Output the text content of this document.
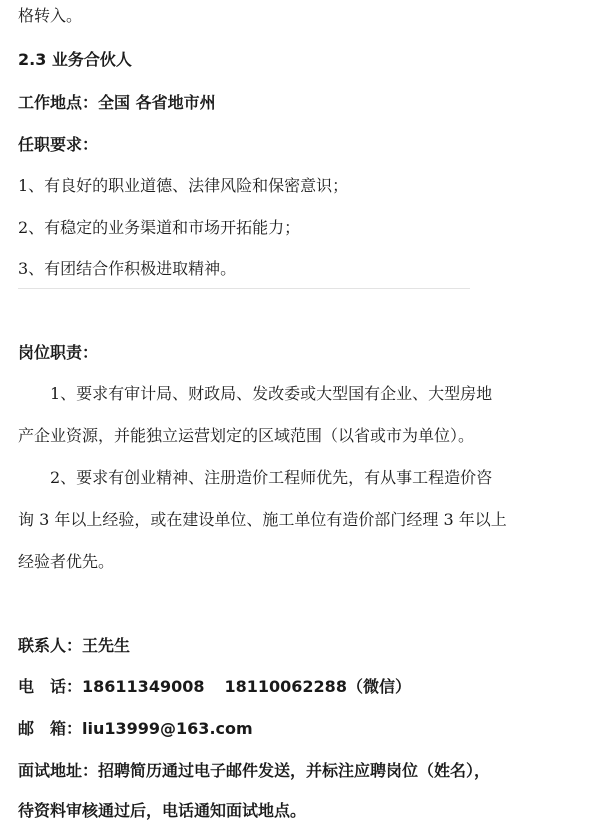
格转入。
2.3 业务合伙人
工作地点：全国 各省地市州
任职要求：
1、有良好的职业道德、法律风险和保密意识；
2、有稳定的业务渠道和市场开拓能力；
3、有团结合作积极进取精神。
岗位职责：
1、要求有审计局、财政局、发改委或大型国有企业、大型房地
产企业资源，并能独立运营划定的区域范围（以省或市为单位）。
2、要求有创业精神、注册造价工程师优先，有从事工程造价咨
询 3 年以上经验，或在建设单位、施工单位有造价部门经理 3 年以上
经验者优先。
联系人：王先生
电　话：18611349008 18110062288（微信）
邮　箱：liu13999@163.com
面试地址：招聘简历通过电子邮件发送，并标注应聘岗位（姓名），
待资料审核通过后，电话通知面试地点。
